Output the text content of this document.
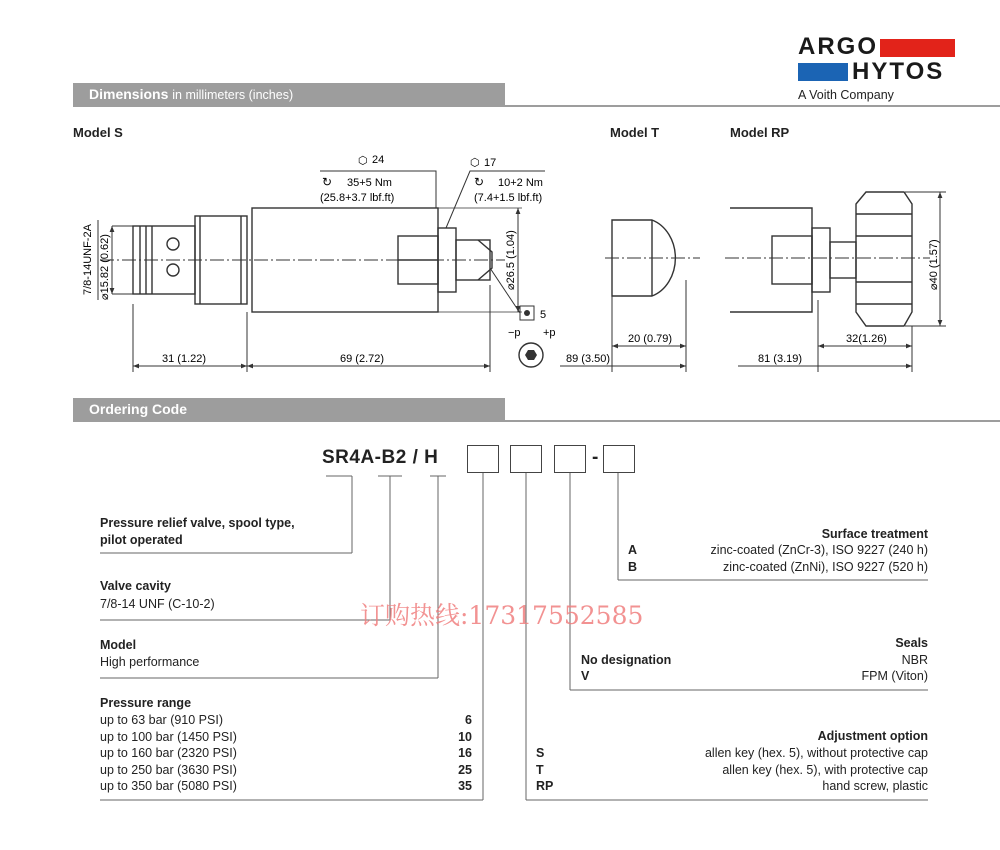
ARGO
HYTOS
A Voith Company
Dimensions in millimeters (inches)
Model S	Model T	Model RP
7/8-14UNF-2A ⌀15.82 (0.62)
24
⬡
↻ 35+5 Nm
(25.8+3.7 lbf.ft)
⬡ 17
↻ 10+2 Nm
(7.4+1.5 lbf.ft)
⌀26.5 (1.04)
5
−p +p
31 (1.22)	69 (2.72)
20 (0.79)
89 (3.50)
⌀40 (1.57)
32(1.26)
81 (3.19)
Ordering Code
SR4A-B2 / H	-
Pressure relief valve, spool type,
pilot operated
Valve cavity
7/8-14 UNF (C-10-2)
Model
High performance
Pressure range
up to 63 bar (910 PSI)	6
up to 100 bar (1450 PSI)	10
up to 160 bar (2320 PSI)	16
up to 250 bar (3630 PSI)	25
up to 350 bar (5080 PSI)	35
Surface treatment
A	zinc-coated (ZnCr-3), ISO 9227 (240 h)
B	zinc-coated (ZnNi), ISO 9227 (520 h)
Seals
No designation	NBR
V	FPM (Viton)
Adjustment option
S	allen key (hex. 5), without protective cap
T	allen key (hex. 5), with protective cap
RP	hand screw, plastic
订购热线:17317552585
